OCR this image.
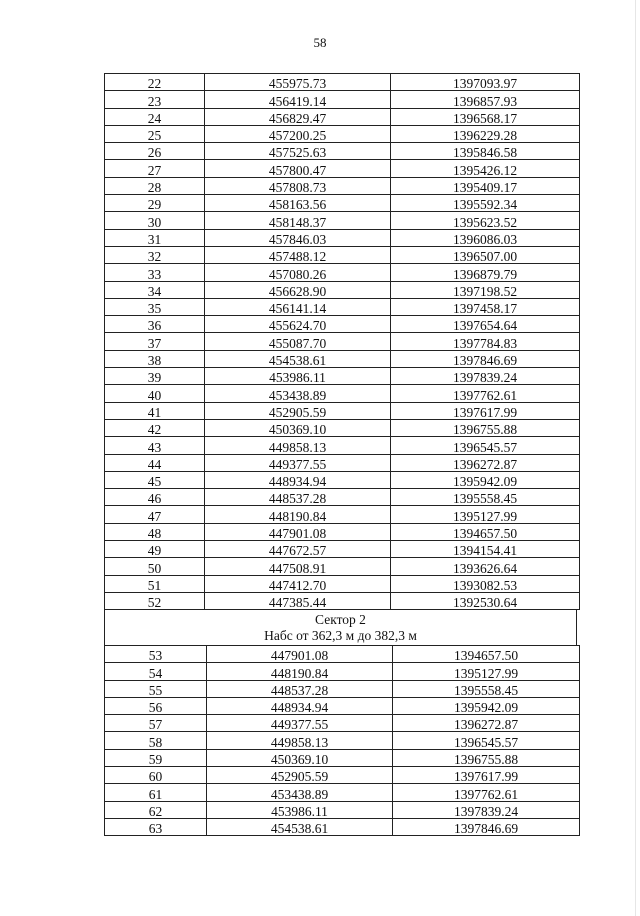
58
22	455975.73	1397093.97
23	456419.14	1396857.93
24	456829.47	1396568.17
25	457200.25	1396229.28
26	457525.63	1395846.58
27	457800.47	1395426.12
28	457808.73	1395409.17
29	458163.56	1395592.34
30	458148.37	1395623.52
31	457846.03	1396086.03
32	457488.12	1396507.00
33	457080.26	1396879.79
34	456628.90	1397198.52
35	456141.14	1397458.17
36	455624.70	1397654.64
37	455087.70	1397784.83
38	454538.61	1397846.69
39	453986.11	1397839.24
40	453438.89	1397762.61
41	452905.59	1397617.99
42	450369.10	1396755.88
43	449858.13	1396545.57
44	449377.55	1396272.87
45	448934.94	1395942.09
46	448537.28	1395558.45
47	448190.84	1395127.99
48	447901.08	1394657.50
49	447672.57	1394154.41
50	447508.91	1393626.64
51	447412.70	1393082.53
52	447385.44	1392530.64
Сектор 2
Набс от 362,3 м до 382,3 м
53	447901.08	1394657.50
54	448190.84	1395127.99
55	448537.28	1395558.45
56	448934.94	1395942.09
57	449377.55	1396272.87
58	449858.13	1396545.57
59	450369.10	1396755.88
60	452905.59	1397617.99
61	453438.89	1397762.61
62	453986.11	1397839.24
63	454538.61	1397846.69
